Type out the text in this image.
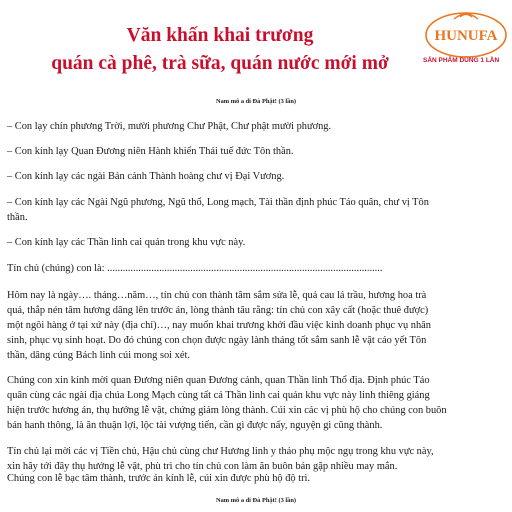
Văn khấn khai trương
quán cà phê, trà sữa, quán nước mới mở
HUNUFA
SẢN PHẨM DÙNG 1 LẦN
Nam mô a di Đà Phật! (3 lần)
– Con lạy chín phương Trời, mười phương Chư Phật, Chư phật mười phương.
– Con kính lạy Quan Đương niên Hành khiển Thái tuế đức Tôn thần.
– Con kính lạy các ngài Bản cảnh Thành hoàng chư vị Đại Vương.
– Con kính lạy các Ngài Ngũ phương, Ngũ thổ, Long mạch, Tài thần định phúc Táo quân, chư vị Tôn
thần.
– Con kính lạy các Thần linh cai quản trong khu vực này.
Tín chủ (chúng) con là: ..........................................................................................................
Hôm nay là ngày…. tháng…năm…, tín chủ con thành tâm sắm sửa lễ, quả cau lá trầu, hương hoa trà
quả, thắp nén tâm hương dâng lên trước án, lòng thành tâu rằng: tín chủ con xây cất (hoặc thuê được)
một ngôi hàng ở tại xứ này (địa chỉ)…, nay muốn khai trương khởi đầu việc kinh doanh phục vụ nhân
sinh, phục vụ sinh hoạt. Do đó chúng con chọn được ngày lành tháng tốt sắm sanh lễ vật cáo yết Tôn
thần, dâng cúng Bách linh cúi mong soi xét.
Chúng con xin kính mời quan Đương niên quan Đương cảnh, quan Thần linh Thổ địa. Định phúc Táo
quân cùng các ngài địa chúa Long Mạch cùng tất cả Thần linh cai quản khu vực này linh thiêng giáng
hiện trước hương án, thụ hưởng lễ vật, chứng giám lòng thành. Cúi xin các vị phù hộ cho chúng con buôn
bán hanh thông, là ăn thuận lợi, lộc tài vượng tiến, cần gì được nấy, nguyện gì cũng thành.
Tín chủ lại mời các vị Tiền chủ, Hậu chủ cùng chư Hương linh y thảo phụ mộc ngụ trong khu vực này,
xin hãy tới đây thụ hưởng lễ vật, phù trì cho tín chủ con làm ăn buôn bán gặp nhiều may mắn.
Chúng con lễ bạc tâm thành, trước án kính lễ, cúi xin được phù hộ độ trì.
Nam mô a di Đà Phật! (3 lần)
